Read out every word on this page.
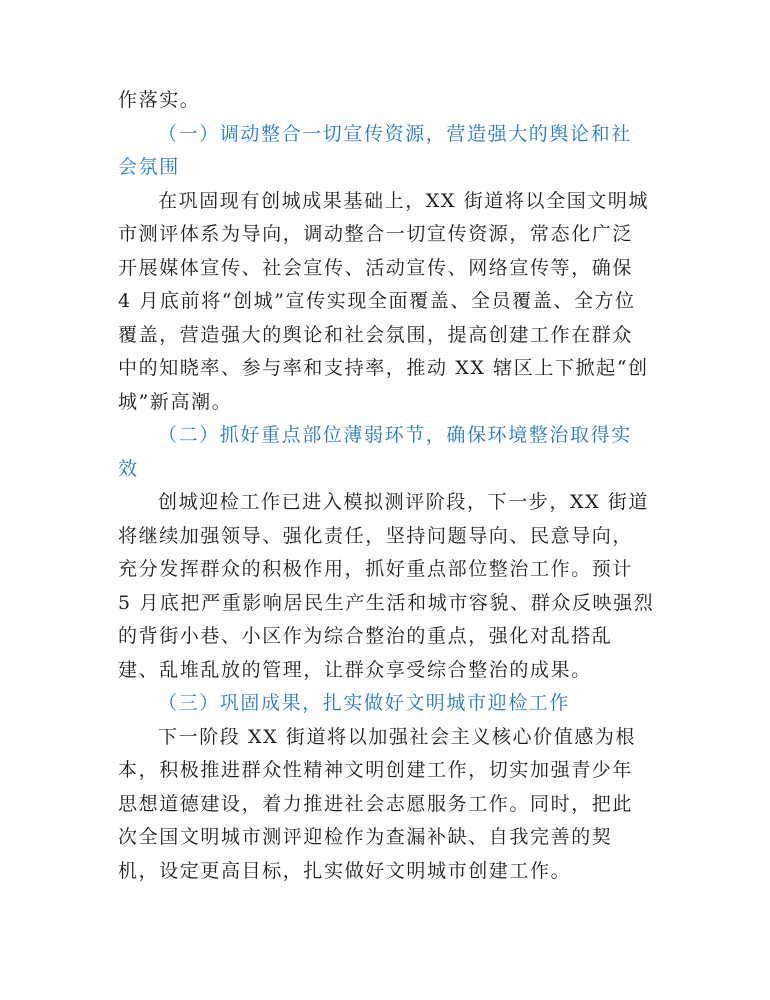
作落实。
（一）调动整合一切宣传资源，营造强大的舆论和社
会氛围
在巩固现有创城成果基础上，XX 街道将以全国文明城
市测评体系为导向，调动整合一切宣传资源，常态化广泛
开展媒体宣传、社会宣传、活动宣传、网络宣传等，确保
4 月底前将“创城”宣传实现全面覆盖、全员覆盖、全方位
覆盖，营造强大的舆论和社会氛围，提高创建工作在群众
中的知晓率、参与率和支持率，推动 XX 辖区上下掀起“创
城”新高潮。
（二）抓好重点部位薄弱环节，确保环境整治取得实
效
创城迎检工作已进入模拟测评阶段，下一步，XX 街道
将继续加强领导、强化责任，坚持问题导向、民意导向，
充分发挥群众的积极作用，抓好重点部位整治工作。预计
5 月底把严重影响居民生产生活和城市容貌、群众反映强烈
的背街小巷、小区作为综合整治的重点，强化对乱搭乱
建、乱堆乱放的管理，让群众享受综合整治的成果。
（三）巩固成果，扎实做好文明城市迎检工作
下一阶段 XX 街道将以加强社会主义核心价值感为根
本，积极推进群众性精神文明创建工作，切实加强青少年
思想道德建设，着力推进社会志愿服务工作。同时，把此
次全国文明城市测评迎检作为查漏补缺、自我完善的契
机，设定更高目标，扎实做好文明城市创建工作。
